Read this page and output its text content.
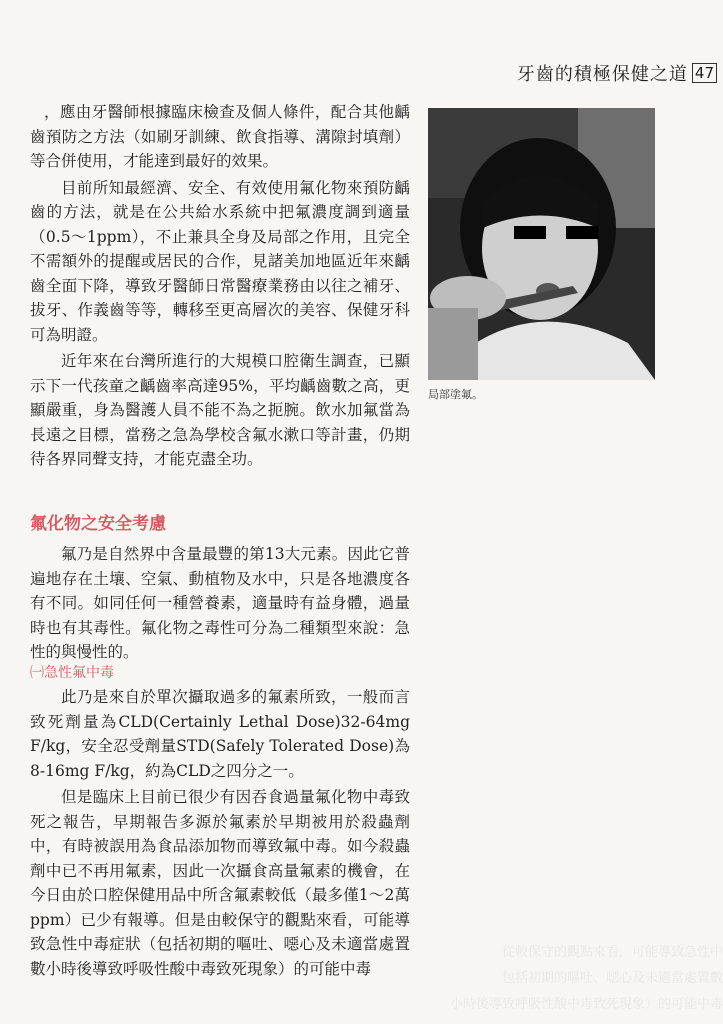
牙齒的積極保健之道 47

，應由牙醫師根據臨床檢查及個人條件，配合其他齲齒預防之方法（如刷牙訓練、飲食指導、溝隙封填劑）等合併使用，才能達到最好的效果。

目前所知最經濟、安全、有效使用氟化物來預防齲齒的方法，就是在公共給水系統中把氟濃度調到適量（0.5～1ppm），不止兼具全身及局部之作用，且完全不需額外的提醒或居民的合作，見諸美加地區近年來齲齒全面下降，導致牙醫師日常醫療業務由以往之補牙、拔牙、作義齒等等，轉移至更高層次的美容、保健牙科可為明證。

近年來在台灣所進行的大規模口腔衛生調查，已顯示下一代孩童之齲齒率高達95%，平均齲齒數之高，更顯嚴重，身為醫護人員不能不為之扼腕。飲水加氟當為長遠之目標，當務之急為學校含氟水漱口等計畫，仍期待各界同聲支持，才能克盡全功。

氟化物之安全考慮

氟乃是自然界中含量最豐的第13大元素。因此它普遍地存在土壤、空氣、動植物及水中，只是各地濃度各有不同。如同任何一種營養素，適量時有益身體，過量時也有其毒性。氟化物之毒性可分為二種類型來說：急性的與慢性的。

㈠急性氟中毒

此乃是來自於單次攝取過多的氟素所致，一般而言致死劑量為CLD(Certainly Lethal Dose)32-64mg F/kg，安全忍受劑量STD(Safely Tolerated Dose)為8-16mg F/kg，約為CLD之四分之一。

但是臨床上目前已很少有因吞食過量氟化物中毒致死之報告，早期報告多源於氟素於早期被用於殺蟲劑中，有時被誤用為食品添加物而導致氟中毒。如今殺蟲劑中已不再用氟素，因此一次攝食高量氟素的機會，在今日由於口腔保健用品中所含氟素較低（最多僅1～2萬ppm）已少有報導。但是由較保守的觀點來看，可能導致急性中毒症狀（包括初期的嘔吐、噁心及未適當處置數小時後導致呼吸性酸中毒致死現象）的可能中毒

局部塗氟。
從較保守的觀點來看，可能導致急性中
包括初期的嘔吐、噁心及未適當處置數
小時後導致呼吸性酸中毒致死現象）的可能中毒
